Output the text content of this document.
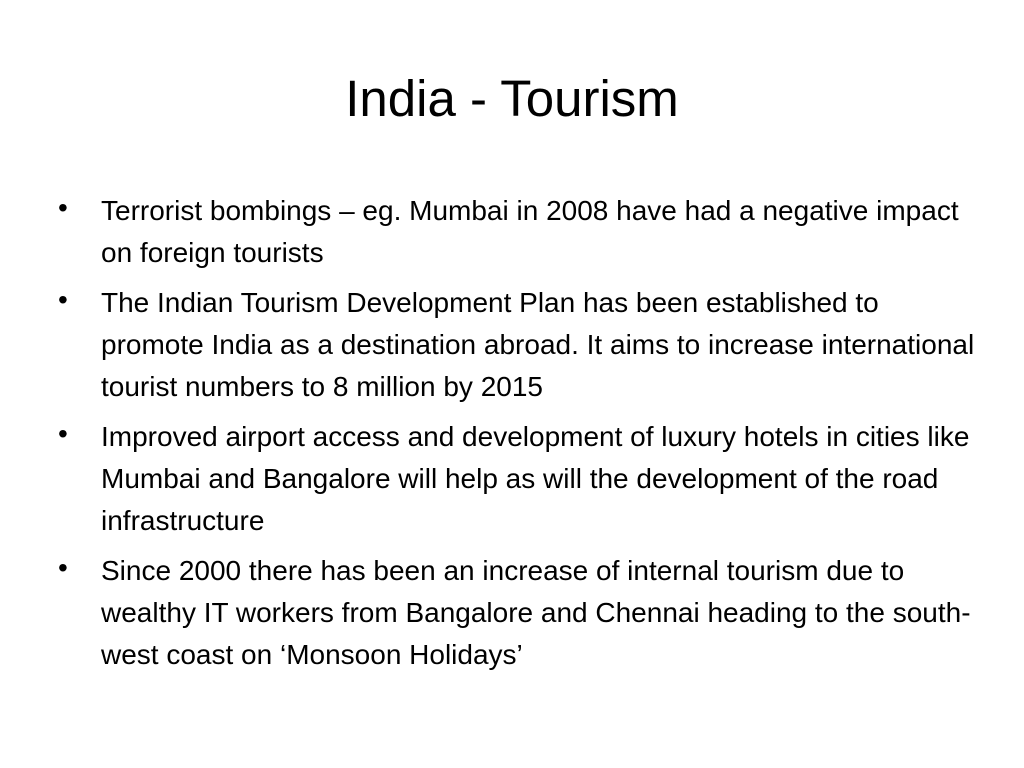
India - Tourism
•	Terrorist bombings – eg. Mumbai in 2008 have had a negative impact on foreign tourists
•	The Indian Tourism Development Plan has been established to promote India as a destination abroad. It aims to increase international tourist numbers to 8 million by 2015
•	Improved airport access and development of luxury hotels in cities like Mumbai and Bangalore will help as will the development of the road infrastructure
•	Since 2000 there has been an increase of internal tourism due to wealthy IT workers from Bangalore and Chennai heading to the south-west coast on ‘Monsoon Holidays’
